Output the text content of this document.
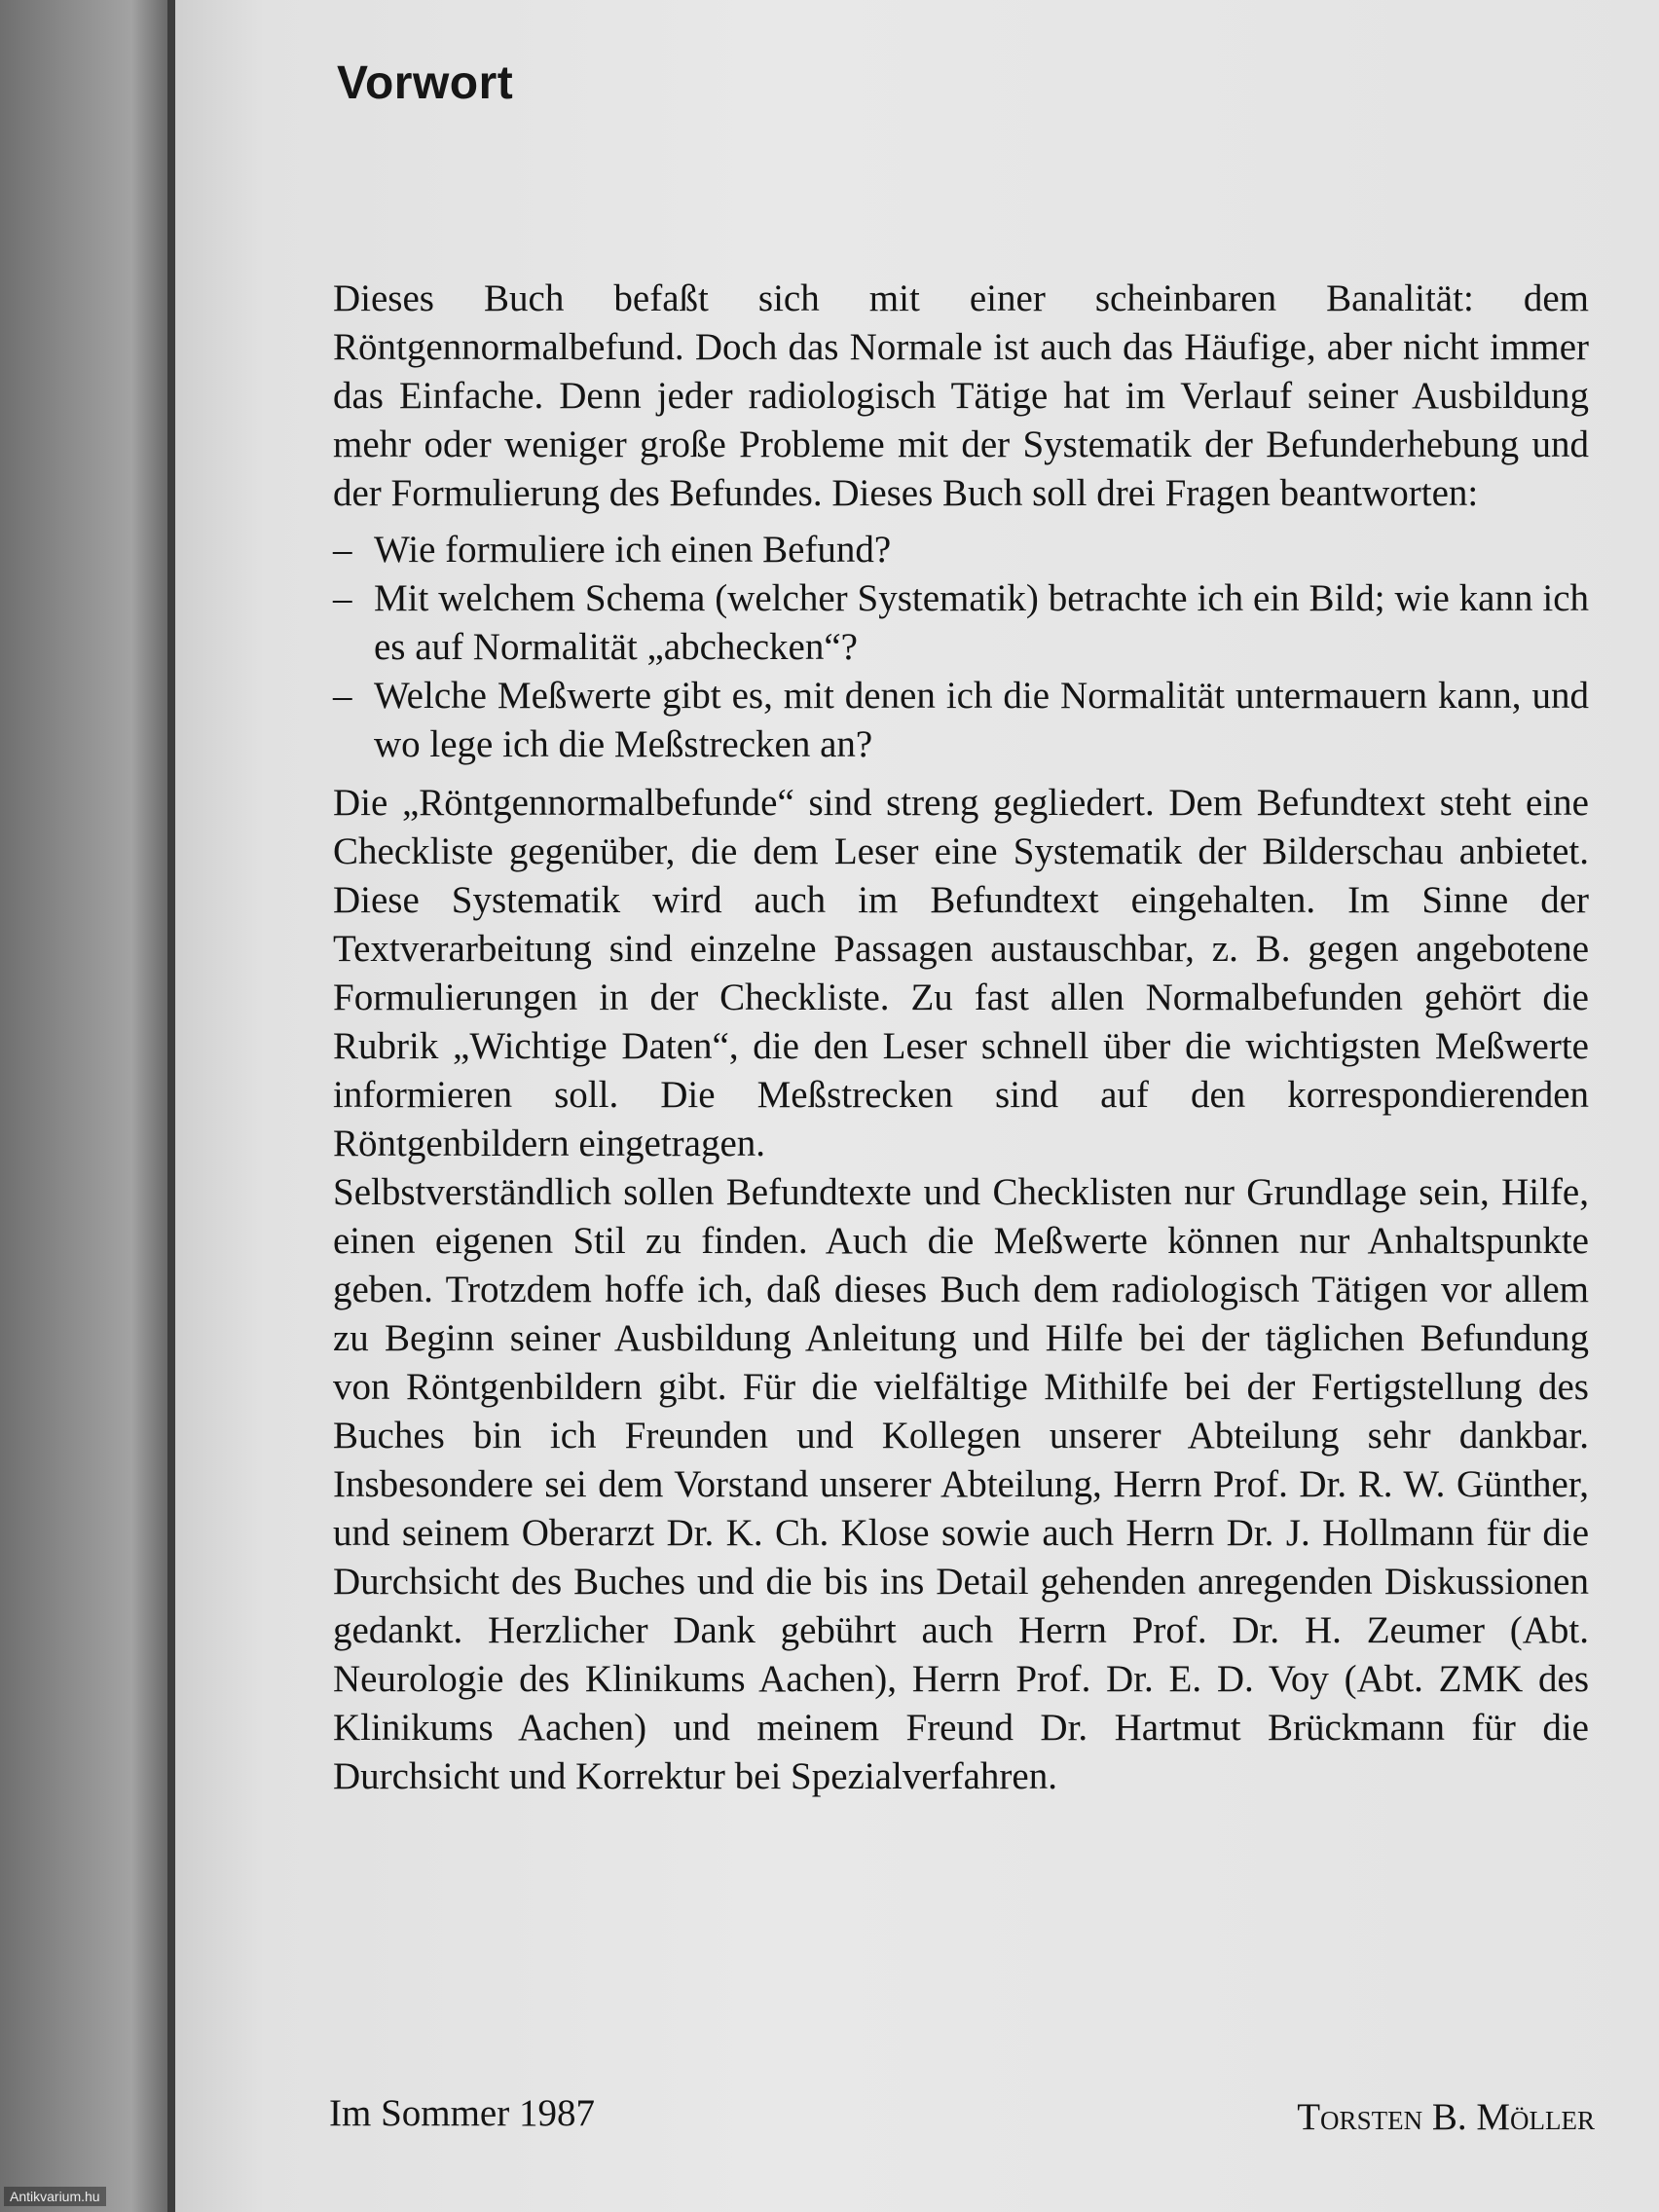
Vorwort

Dieses Buch befaßt sich mit einer scheinbaren Banalität: dem Röntgennormalbefund. Doch das Normale ist auch das Häufige, aber nicht immer das Einfache. Denn jeder radiologisch Tätige hat im Verlauf seiner Ausbildung mehr oder weniger große Probleme mit der Systematik der Befunderhebung und der Formulierung des Befundes. Dieses Buch soll drei Fragen beantworten:

– Wie formuliere ich einen Befund?
– Mit welchem Schema (welcher Systematik) betrachte ich ein Bild; wie kann ich es auf Normalität „abchecken“?
– Welche Meßwerte gibt es, mit denen ich die Normalität untermauern kann, und wo lege ich die Meßstrecken an?

Die „Röntgennormalbefunde“ sind streng gegliedert. Dem Befundtext steht eine Checkliste gegenüber, die dem Leser eine Systematik der Bilderschau anbietet. Diese Systematik wird auch im Befundtext eingehalten. Im Sinne der Textverarbeitung sind einzelne Passagen austauschbar, z. B. gegen angebotene Formulierungen in der Checkliste. Zu fast allen Normalbefunden gehört die Rubrik „Wichtige Daten“, die den Leser schnell über die wichtigsten Meßwerte informieren soll. Die Meßstrecken sind auf den korrespondierenden Röntgenbildern eingetragen.

Selbstverständlich sollen Befundtexte und Checklisten nur Grundlage sein, Hilfe, einen eigenen Stil zu finden. Auch die Meßwerte können nur Anhaltspunkte geben. Trotzdem hoffe ich, daß dieses Buch dem radiologisch Tätigen vor allem zu Beginn seiner Ausbildung Anleitung und Hilfe bei der täglichen Befundung von Röntgenbildern gibt. Für die vielfältige Mithilfe bei der Fertigstellung des Buches bin ich Freunden und Kollegen unserer Abteilung sehr dankbar. Insbesondere sei dem Vorstand unserer Abteilung, Herrn Prof. Dr. R. W. Günther, und seinem Oberarzt Dr. K. Ch. Klose sowie auch Herrn Dr. J. Hollmann für die Durchsicht des Buches und die bis ins Detail gehenden anregenden Diskussionen gedankt. Herzlicher Dank gebührt auch Herrn Prof. Dr. H. Zeumer (Abt. Neurologie des Klinikums Aachen), Herrn Prof. Dr. E. D. Voy (Abt. ZMK des Klinikums Aachen) und meinem Freund Dr. Hartmut Brückmann für die Durchsicht und Korrektur bei Spezialverfahren.

Im Sommer 1987	Torsten B. Möller
Antikvarium.hu
